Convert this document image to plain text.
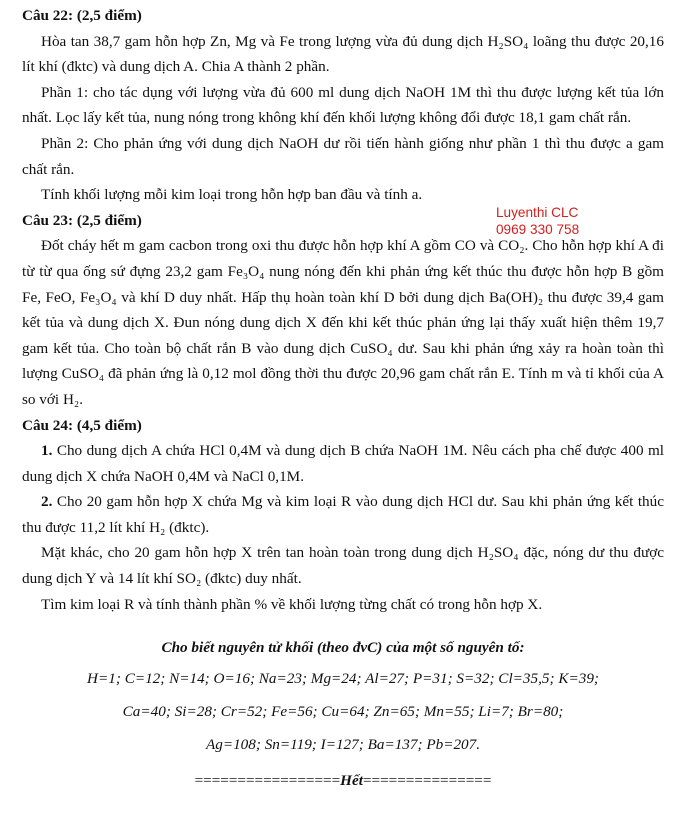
Câu 22: (2,5 điểm)

Hòa tan 38,7 gam hỗn hợp Zn, Mg và Fe trong lượng vừa đủ dung dịch H₂SO₄ loãng thu được 20,16 lít khí (đktc) và dung dịch A. Chia A thành 2 phần.

Phần 1: cho tác dụng với lượng vừa đủ 600 ml dung dịch NaOH 1M thì thu được lượng kết tủa lớn nhất. Lọc lấy kết tủa, nung nóng trong không khí đến khối lượng không đổi được 18,1 gam chất rắn.

Phần 2: Cho phản ứng với dung dịch NaOH dư rồi tiến hành giống như phần 1 thì thu được a gam chất rắn.

Tính khối lượng mỗi kim loại trong hỗn hợp ban đầu và tính a.

Câu 23: (2,5 điểm)

Đốt cháy hết m gam cacbon trong oxi thu được hỗn hợp khí A gồm CO và CO₂. Cho hỗn hợp khí A đi từ từ qua ống sứ đựng 23,2 gam Fe₃O₄ nung nóng đến khi phản ứng kết thúc thu được hỗn hợp B gồm Fe, FeO, Fe₃O₄ và khí D duy nhất. Hấp thụ hoàn toàn khí D bởi dung dịch Ba(OH)₂ thu được 39,4 gam kết tủa và dung dịch X. Đun nóng dung dịch X đến khi kết thúc phản ứng lại thấy xuất hiện thêm 19,7 gam kết tủa. Cho toàn bộ chất rắn B vào dung dịch CuSO₄ dư. Sau khi phản ứng xảy ra hoàn toàn thì lượng CuSO₄ đã phản ứng là 0,12 mol đồng thời thu được 20,96 gam chất rắn E. Tính m và tỉ khối của A so với H₂.

Câu 24: (4,5 điểm)

1. Cho dung dịch A chứa HCl 0,4M và dung dịch B chứa NaOH 1M. Nêu cách pha chế được 400 ml dung dịch X chứa NaOH 0,4M và NaCl 0,1M.

2. Cho 20 gam hỗn hợp X chứa Mg và kim loại R vào dung dịch HCl dư. Sau khi phản ứng kết thúc thu được 11,2 lít khí H₂ (đktc).

Mặt khác, cho 20 gam hỗn hợp X trên tan hoàn toàn trong dung dịch H₂SO₄ đặc, nóng dư thu được dung dịch Y và 14 lít khí SO₂ (đktc) duy nhất.

Tìm kim loại R và tính thành phần % về khối lượng từng chất có trong hỗn hợp X.

Cho biết nguyên tử khối (theo đvC) của một số nguyên tố:

H=1; C=12; N=14; O=16; Na=23; Mg=24; Al=27; P=31; S=32; Cl=35,5; K=39;

Ca=40; Si=28; Cr=52; Fe=56; Cu=64; Zn=65; Mn=55; Li=7; Br=80;

Ag=108; Sn=119; I=127; Ba=137; Pb=207.

=================Hết===============

Luyenthi CLC
0969 330 758
